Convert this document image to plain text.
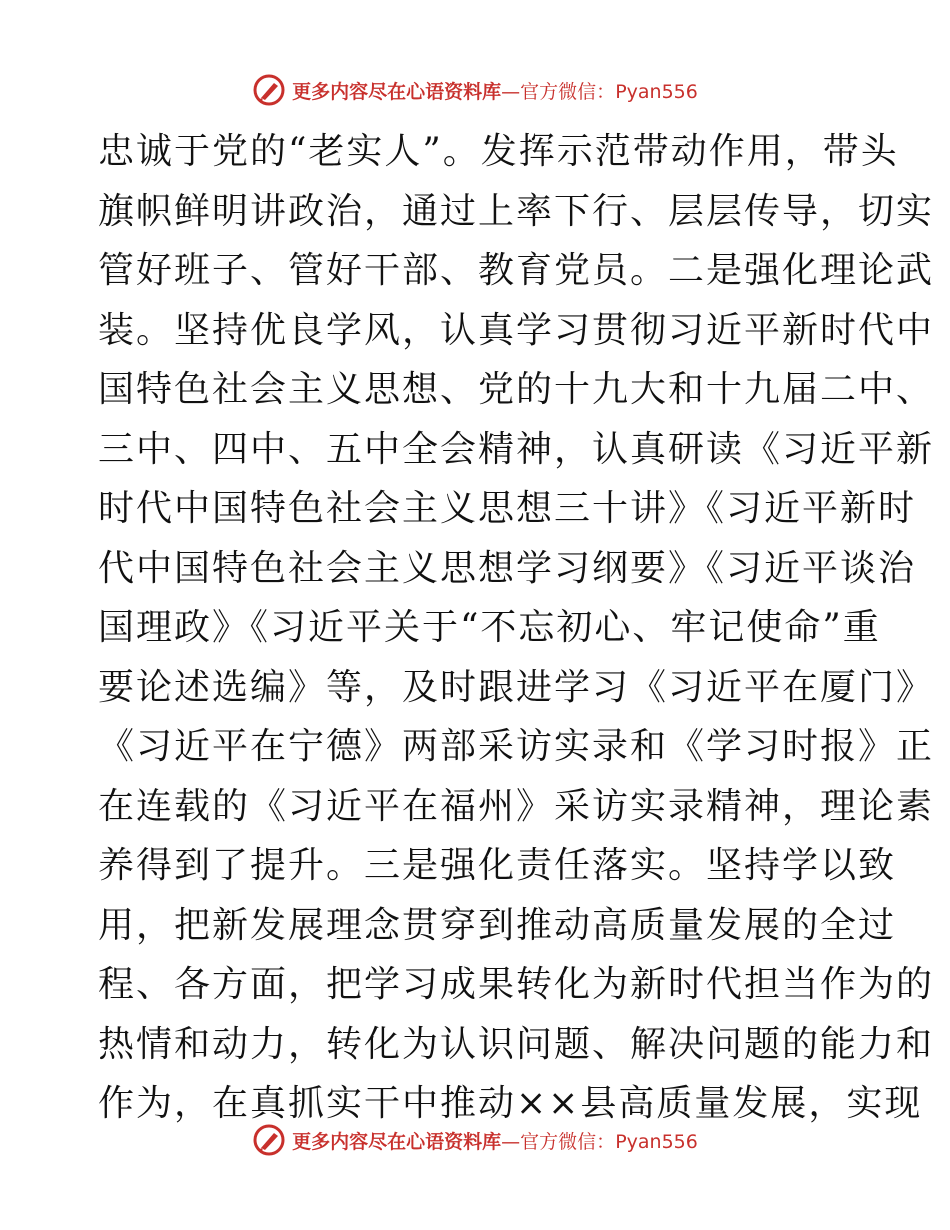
更多内容尽在心语资料库—官方微信：Pyan556
忠诚于党的“老实人”。发挥示范带动作用，带头
旗帜鲜明讲政治，通过上率下行、层层传导，切实
管好班子、管好干部、教育党员。二是强化理论武
装。坚持优良学风，认真学习贯彻习近平新时代中
国特色社会主义思想、党的十九大和十九届二中、
三中、四中、五中全会精神，认真研读《习近平新
时代中国特色社会主义思想三十讲》《习近平新时
代中国特色社会主义思想学习纲要》《习近平谈治
国理政》《习近平关于“不忘初心、牢记使命”重
要论述选编》等，及时跟进学习《习近平在厦门》
《习近平在宁德》两部采访实录和《学习时报》正
在连载的《习近平在福州》采访实录精神，理论素
养得到了提升。三是强化责任落实。坚持学以致
用，把新发展理念贯穿到推动高质量发展的全过
程、各方面，把学习成果转化为新时代担当作为的
热情和动力，转化为认识问题、解决问题的能力和
作为，在真抓实干中推动××县高质量发展，实现
更多内容尽在心语资料库—官方微信：Pyan556
